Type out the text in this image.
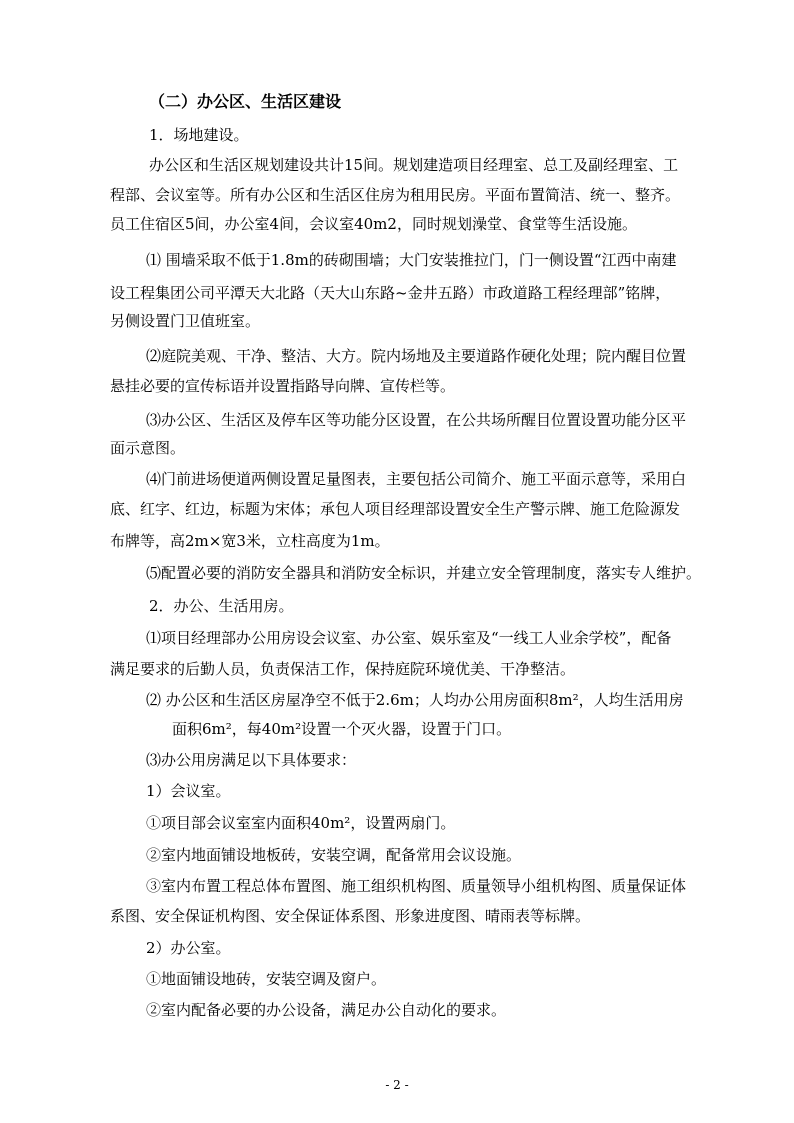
（二）办公区、生活区建设
1．场地建设。
办公区和生活区规划建设共计15间。规划建造项目经理室、总工及副经理室、工
程部、会议室等。所有办公区和生活区住房为租用民房。平面布置简洁、统一、整齐。
员工住宿区5间，办公室4间，会议室40m2，同时规划澡堂、食堂等生活设施。
⑴ 围墙采取不低于1.8m的砖砌围墙；大门安装推拉门，门一侧设置“江西中南建
设工程集团公司平潭天大北路（天大山东路~金井五路）市政道路工程经理部”铭牌，
另侧设置门卫值班室。
⑵庭院美观、干净、整洁、大方。院内场地及主要道路作硬化处理；院内醒目位置
悬挂必要的宣传标语并设置指路导向牌、宣传栏等。
⑶办公区、生活区及停车区等功能分区设置，在公共场所醒目位置设置功能分区平
面示意图。
⑷门前进场便道两侧设置足量图表，主要包括公司简介、施工平面示意等，采用白
底、红字、红边，标题为宋体；承包人项目经理部设置安全生产警示牌、施工危险源发
布牌等，高2m×宽3米，立柱高度为1m。
⑸配置必要的消防安全器具和消防安全标识，并建立安全管理制度，落实专人维护。
2．办公、生活用房。
⑴项目经理部办公用房设会议室、办公室、娱乐室及“一线工人业余学校”，配备
满足要求的后勤人员，负责保洁工作，保持庭院环境优美、干净整洁。
⑵ 办公区和生活区房屋净空不低于2.6m；人均办公用房面积8m²，人均生活用房
面积6m²，每40m²设置一个灭火器，设置于门口。
⑶办公用房满足以下具体要求：
1）会议室。
①项目部会议室室内面积40m²，设置两扇门。
②室内地面铺设地板砖，安装空调，配备常用会议设施。
③室内布置工程总体布置图、施工组织机构图、质量领导小组机构图、质量保证体
系图、安全保证机构图、安全保证体系图、形象进度图、晴雨表等标牌。
2）办公室。
①地面铺设地砖，安装空调及窗户。
②室内配备必要的办公设备，满足办公自动化的要求。
- 2 -
